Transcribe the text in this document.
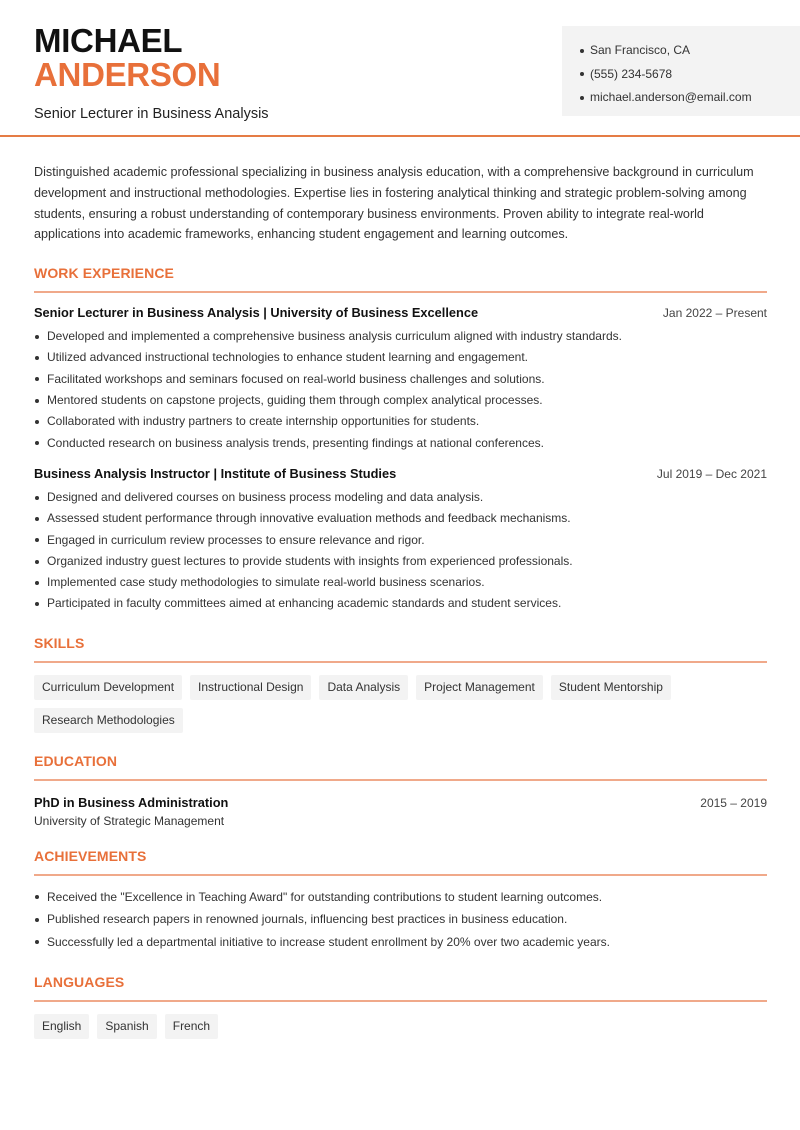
MICHAEL
ANDERSON
Senior Lecturer in Business Analysis
San Francisco, CA
(555) 234-5678
michael.anderson@email.com

Distinguished academic professional specializing in business analysis education, with a comprehensive background in curriculum development and instructional methodologies. Expertise lies in fostering analytical thinking and strategic problem-solving among students, ensuring a robust understanding of contemporary business environments. Proven ability to integrate real-world applications into academic frameworks, enhancing student engagement and learning outcomes.

WORK EXPERIENCE
Senior Lecturer in Business Analysis | University of Business Excellence	Jan 2022 – Present
Developed and implemented a comprehensive business analysis curriculum aligned with industry standards.
Utilized advanced instructional technologies to enhance student learning and engagement.
Facilitated workshops and seminars focused on real-world business challenges and solutions.
Mentored students on capstone projects, guiding them through complex analytical processes.
Collaborated with industry partners to create internship opportunities for students.
Conducted research on business analysis trends, presenting findings at national conferences.
Business Analysis Instructor | Institute of Business Studies	Jul 2019 – Dec 2021
Designed and delivered courses on business process modeling and data analysis.
Assessed student performance through innovative evaluation methods and feedback mechanisms.
Engaged in curriculum review processes to ensure relevance and rigor.
Organized industry guest lectures to provide students with insights from experienced professionals.
Implemented case study methodologies to simulate real-world business scenarios.
Participated in faculty committees aimed at enhancing academic standards and student services.
SKILLS
Curriculum Development	Instructional Design	Data Analysis	Project Management	Student Mentorship
Research Methodologies
EDUCATION
PhD in Business Administration	2015 – 2019
University of Strategic Management
ACHIEVEMENTS
Received the "Excellence in Teaching Award" for outstanding contributions to student learning outcomes.
Published research papers in renowned journals, influencing best practices in business education.
Successfully led a departmental initiative to increase student enrollment by 20% over two academic years.
LANGUAGES
English	Spanish	French
